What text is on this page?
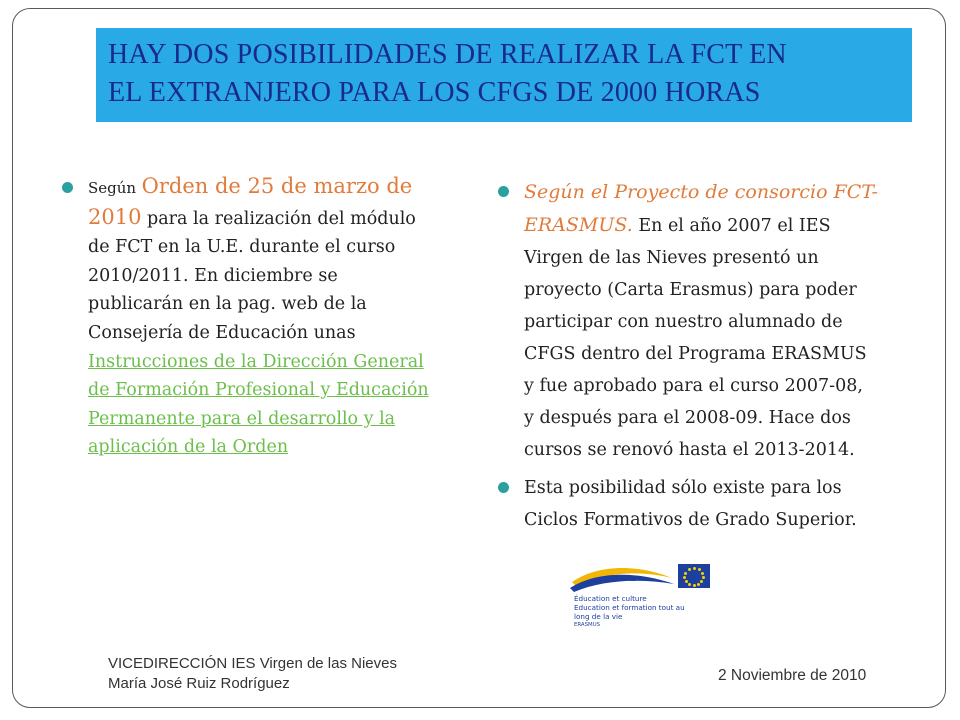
HAY DOS POSIBILIDADES DE REALIZAR LA FCT EN
EL EXTRANJERO PARA LOS CFGS DE 2000 HORAS
Según Orden de 25 de marzo de
2010 para la realización del módulo
de FCT en la U.E. durante el curso
2010/2011. En diciembre se
publicarán en la pag. web de la
Consejería de Educación unas
Instrucciones de la Dirección General
de Formación Profesional y Educación
Permanente para el desarrollo y la
aplicación de la Orden
Según el Proyecto de consorcio FCT-
ERASMUS. En el año 2007 el IES
Virgen de las Nieves presentó un
proyecto (Carta Erasmus) para poder
participar con nuestro alumnado de
CFGS dentro del Programa ERASMUS
y fue aprobado para el curso 2007-08,
y después para el 2008-09. Hace dos
cursos se renovó hasta el 2013-2014.
Esta posibilidad sólo existe para los
Ciclos Formativos de Grado Superior.
Éducation et culture
Education et formation tout au
long de la vie
ERASMUS
VICEDIRECCIÓN IES Virgen de las Nieves
María José Ruiz Rodríguez	2 Noviembre de 2010
